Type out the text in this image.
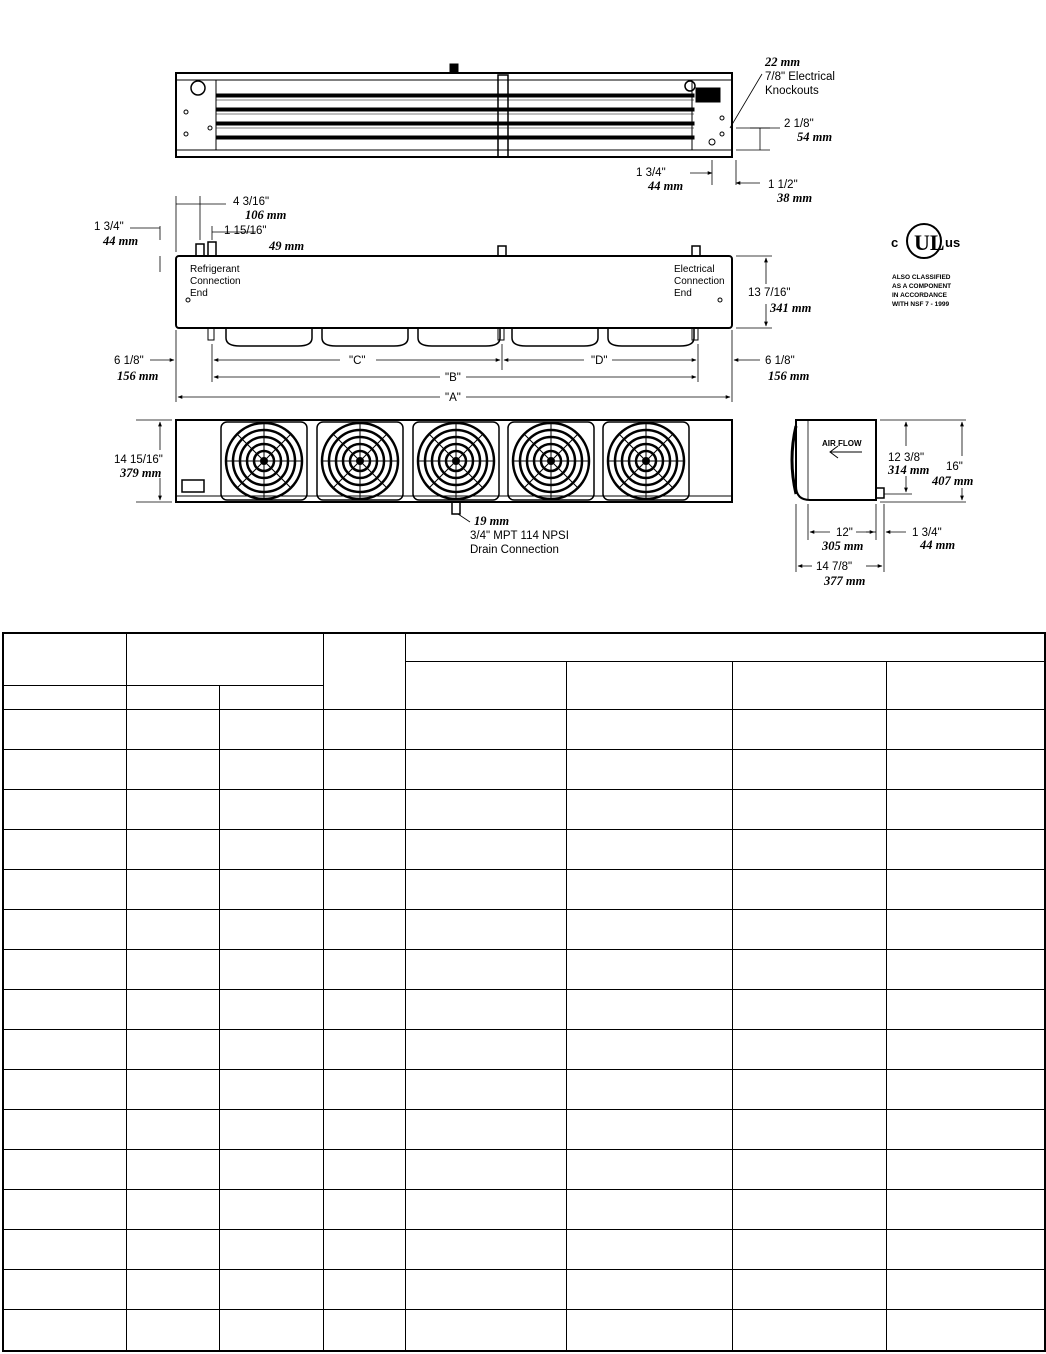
22 mm
7/8" Electrical
Knockouts
2 1/8"
54 mm
1 3/4"
44 mm	1 1/2"
38 mm
4 3/16"
106 mm
1 15/16"
49 mm
1 3/4"
44 mm
Refrigerant
Connection
End
Electrical
Connection
End	13 7/16"
341 mm
6 1/8"
156 mm
6 1/8"
156 mm
"C"	"D"
"B"
"A"
14 15/16"
379 mm
19 mm
3/4" MPT 114 NPSI
Drain Connection
AIR FLOW
12 3/8"
314 mm 16"
407 mm
12"
305 mm
1 3/4"
44 mm
14 7/8"
377 mm
UL
c	us
ALSO CLASSIFIED
AS A COMPONENT
IN ACCORDANCE
WITH NSF 7 - 1999
